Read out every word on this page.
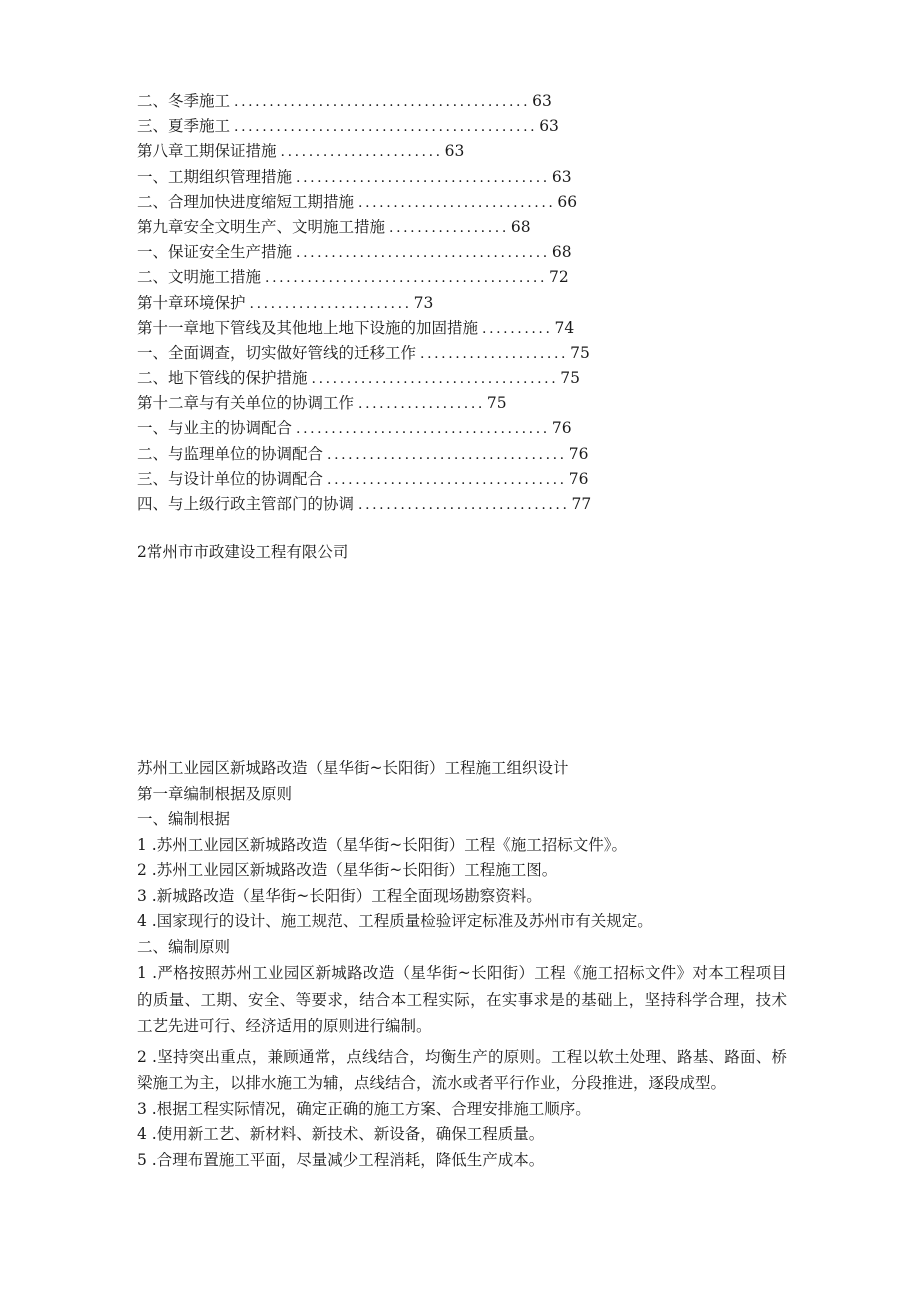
二、冬季施工 .......................................... 63
三、夏季施工 ........................................... 63
第八章工期保证措施 ....................... 63
一、工期组织管理措施 .................................... 63
二、合理加快进度缩短工期措施 ............................ 66
第九章安全文明生产、文明施工措施 ................. 68
一、保证安全生产措施 .................................... 68
二、文明施工措施 ........................................ 72
第十章环境保护 ....................... 73
第十一章地下管线及其他地上地下设施的加固措施 .......... 74
一、全面调查，切实做好管线的迁移工作 ..................... 75
二、地下管线的保护措施 ................................... 75
第十二章与有关单位的协调工作 .................. 75
一、与业主的协调配合 .................................... 76
二、与监理单位的协调配合 .................................. 76
三、与设计单位的协调配合 .................................. 76
四、与上级行政主管部门的协调 .............................. 77
2常州市市政建设工程有限公司

苏州工业园区新城路改造（星华街~长阳街）工程施工组织设计

第一章编制根据及原则

一、编制根据

1 .苏州工业园区新城路改造（星华街~长阳街）工程《施工招标文件》。

2 .苏州工业园区新城路改造（星华街~长阳街）工程施工图。

3 .新城路改造（星华街~长阳街）工程全面现场勘察资料。

4 .国家现行的设计、施工规范、工程质量检验评定标准及苏州市有关规定。

二、编制原则

1 .严格按照苏州工业园区新城路改造（星华街~长阳街）工程《施工招标文件》对本工程项目的质量、工期、安全、等要求，结合本工程实际，在实事求是的基础上，坚持科学合理，技术工艺先进可行、经济适用的原则进行编制。

2 .坚持突出重点，兼顾通常，点线结合，均衡生产的原则。工程以软土处理、路基、路面、桥梁施工为主，以排水施工为辅，点线结合，流水或者平行作业，分段推进，逐段成型。

3 .根据工程实际情况，确定正确的施工方案、合理安排施工顺序。

4 .使用新工艺、新材料、新技术、新设备，确保工程质量。

5 .合理布置施工平面，尽量减少工程消耗，降低生产成本。
